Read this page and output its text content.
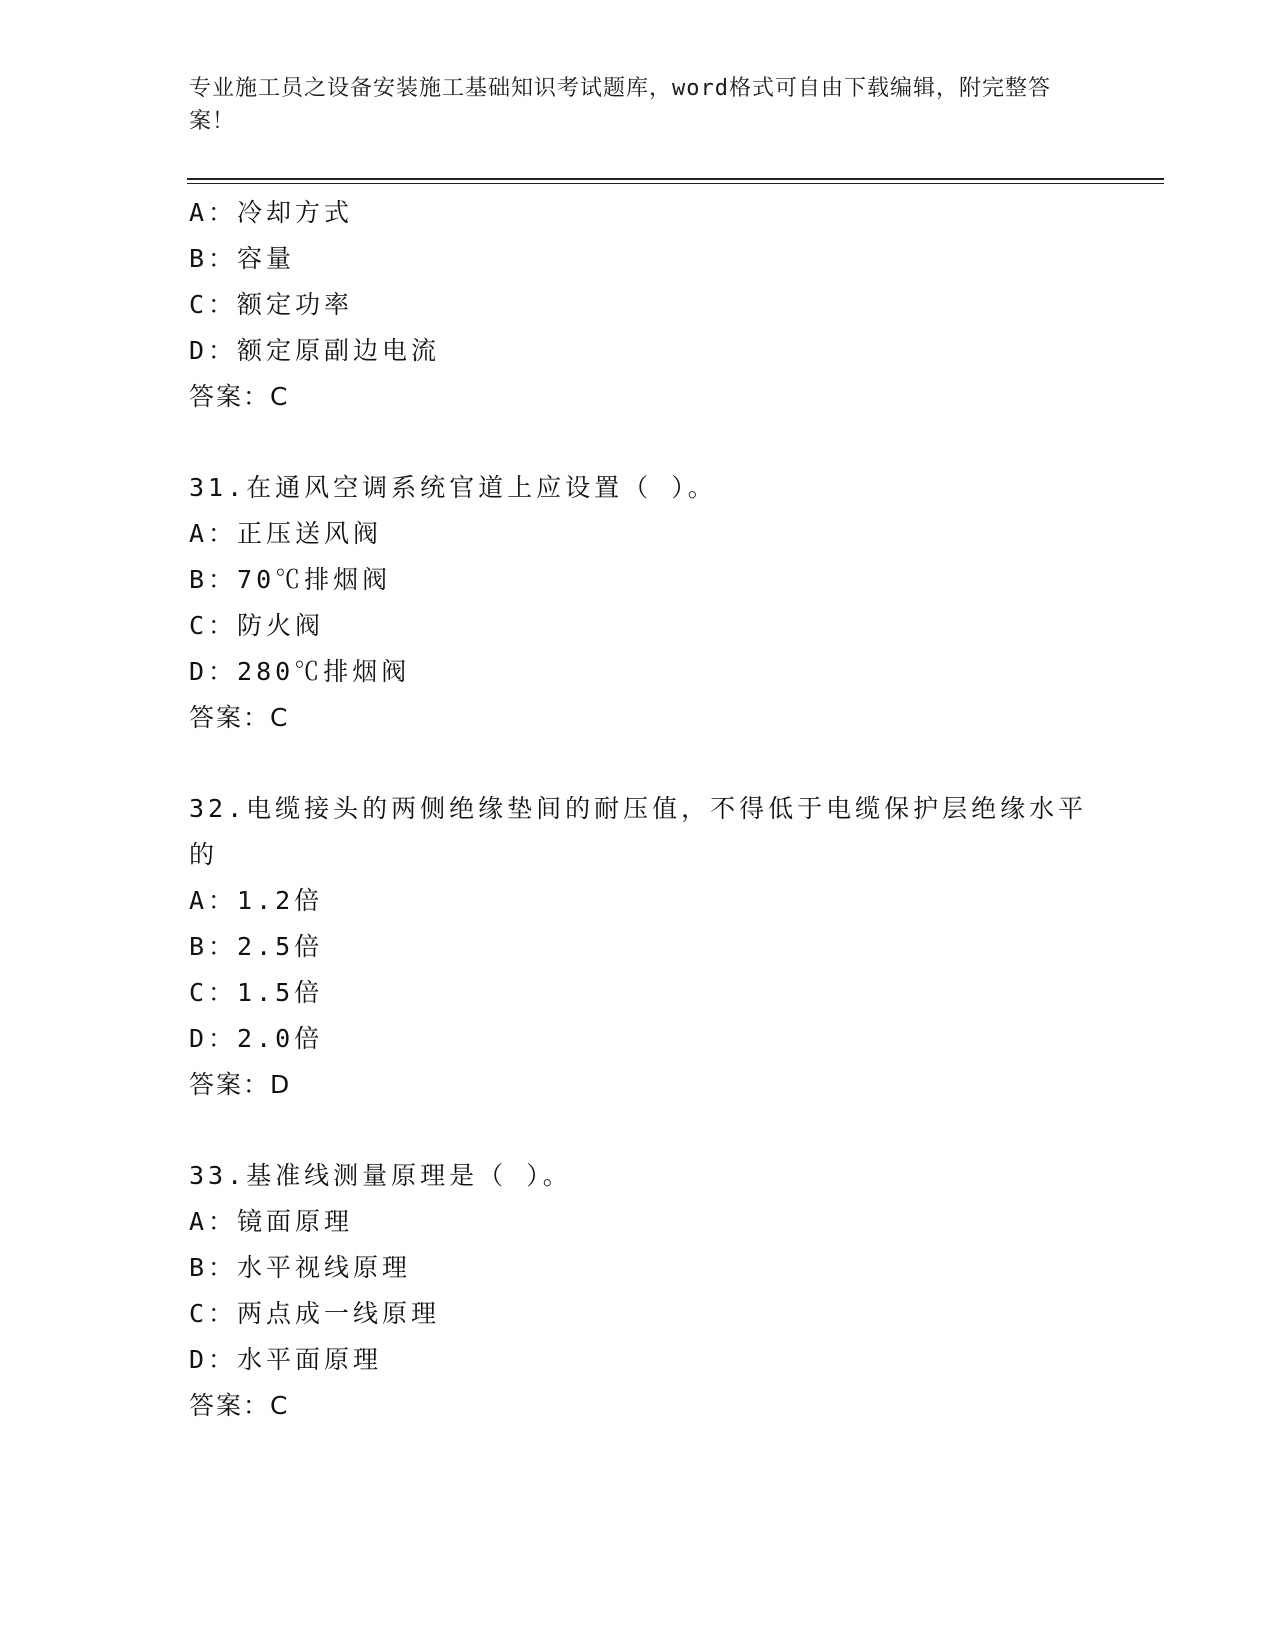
专业施工员之设备安装施工基础知识考试题库，word格式可自由下载编辑，附完整答案！
A：冷却方式
B：容量
C：额定功率
D：额定原副边电流
答案：C
31.在通风空调系统官道上应设置（ ）。
A：正压送风阀
B：70℃排烟阀
C：防火阀
D：280℃排烟阀
答案：C
32.电缆接头的两侧绝缘垫间的耐压值，不得低于电缆保护层绝缘水平的
A：1.2倍
B：2.5倍
C：1.5倍
D：2.0倍
答案：D
33.基准线测量原理是（ ）。
A：镜面原理
B：水平视线原理
C：两点成一线原理
D：水平面原理
答案：C
